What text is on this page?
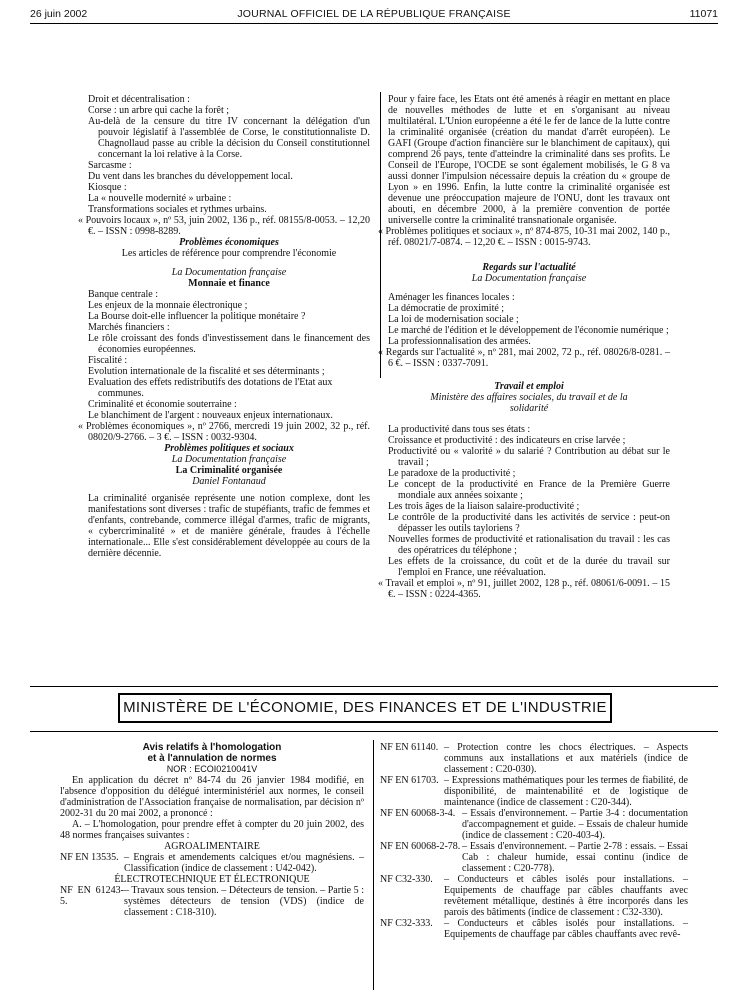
26 juin 2002	JOURNAL OFFICIEL DE LA RÉPUBLIQUE FRANÇAISE	11071

Droit et décentralisation :

Corse : un arbre qui cache la forêt ;

Au-delà de la censure du titre IV concernant la délégation d'un pouvoir législatif à l'assemblée de Corse, le constitutionnaliste D. Chagnollaud passe au crible la décision du Conseil constitutionnel concernant la loi relative à la Corse.

Sarcasme :

Du vent dans les branches du développement local.

Kiosque :

La « nouvelle modernité » urbaine :

Transformations sociales et rythmes urbains.

« Pouvoirs locaux », nº 53, juin 2002, 136 p., réf. 08155/8-0053. – 12,20 €. – ISSN : 0998-8289.

Problèmes économiques

Les articles de référence pour comprendre l'économie

La Documentation française

Monnaie et finance

Banque centrale :

Les enjeux de la monnaie électronique ;

La Bourse doit-elle influencer la politique monétaire ?

Marchés financiers :

Le rôle croissant des fonds d'investissement dans le financement des économies européennes.

Fiscalité :

Evolution internationale de la fiscalité et ses déterminants ;

Evaluation des effets redistributifs des dotations de l'Etat aux communes.

Criminalité et économie souterraine :

Le blanchiment de l'argent : nouveaux enjeux internationaux.

« Problèmes économiques », nº 2766, mercredi 19 juin 2002, 32 p., réf. 08020/9-2766. – 3 €. – ISSN : 0032-9304.

Problèmes politiques et sociaux

La Documentation française

La Criminalité organisée

Daniel Fontanaud

La criminalité organisée représente une notion complexe, dont les manifestations sont diverses : trafic de stupéfiants, trafic de femmes et d'enfants, contrebande, commerce illégal d'armes, trafic de migrants, « cybercriminalité » et de manière générale, fraudes à l'échelle internationale... Elle s'est considérablement développée au cours de la dernière décennie.

Pour y faire face, les Etats ont été amenés à réagir en mettant en place de nouvelles méthodes de lutte et en s'organisant au niveau multilatéral. L'Union européenne a été le fer de lance de la lutte contre la criminalité organisée (création du mandat d'arrêt européen). Le GAFI (Groupe d'action financière sur le blanchiment de capitaux), qui comprend 26 pays, tente d'atteindre la criminalité dans ses profits. Le Conseil de l'Europe, l'OCDE se sont également mobilisés, le G 8 va aussi donner l'impulsion nécessaire depuis la création du « groupe de Lyon » en 1996. Enfin, la lutte contre la criminalité organisée est devenue une préoccupation majeure de l'ONU, dont les travaux ont abouti, en décembre 2000, à la première convention de portée universelle contre la criminalité transnationale organisée.

« Problèmes politiques et sociaux », nº 874-875, 10-31 mai 2002, 140 p., réf. 08021/7-0874. – 12,20 €. – ISSN : 0015-9743.

Regards sur l'actualité

La Documentation française

Aménager les finances locales :

La démocratie de proximité ;

La loi de modernisation sociale ;

Le marché de l'édition et le développement de l'économie numérique ;

La professionnalisation des armées.

« Regards sur l'actualité », nº 281, mai 2002, 72 p., réf. 08026/8-0281. – 6 €. – ISSN : 0337-7091.

Travail et emploi

Ministère des affaires sociales, du travail et de la solidarité

La productivité dans tous ses états :

Croissance et productivité : des indicateurs en crise larvée ;

Productivité ou « valorité » du salarié ? Contribution au débat sur le travail ;

Le paradoxe de la productivité ;

Le concept de la productivité en France de la Première Guerre mondiale aux années soixante ;

Les trois âges de la liaison salaire-productivité ;

Le contrôle de la productivité dans les activités de service : peut-on dépasser les outils tayloriens ?

Nouvelles formes de productivité et rationalisation du travail : les cas des opératrices du téléphone ;

Les effets de la croissance, du coût et de la durée du travail sur l'emploi en France, une réévaluation.

« Travail et emploi », nº 91, juillet 2002, 128 p., réf. 08061/6-0091. – 15 €. – ISSN : 0224-4365.

MINISTÈRE DE L'ÉCONOMIE, DES FINANCES ET DE L'INDUSTRIE

Avis relatifs à l'homologation

et à l'annulation de normes

NOR : ECOI0210041V

En application du décret nº 84-74 du 26 janvier 1984 modifié, en l'absence d'opposition du délégué interministériel aux normes, le conseil d'administration de l'Association française de normalisation, par décision nº 2002-31 du 20 mai 2002, a prononcé :

A. – L'homologation, pour prendre effet à compter du 20 juin 2002, des 48 normes françaises suivantes :

AGROALIMENTAIRE

NF EN 13535. – Engrais et amendements calciques et/ou magnésiens. – Classification (indice de classement : U42-042).

ÉLECTROTECHNIQUE ET ÉLECTRONIQUE

NF EN 61243-5.
– Travaux sous tension. – Détecteurs de tension. – Partie 5 : systèmes détecteurs de tension (VDS) (indice de classement : C18-310).

NF EN 61140. – Protection contre les chocs électriques. – Aspects communs aux installations et aux matériels (indice de classement : C20-030).

NF EN 61703. – Expressions mathématiques pour les termes de fiabilité, de disponibilité, de maintenabilité et de logistique de maintenance (indice de classement : C20-344).

NF EN 60068-3-4. – Essais d'environnement. – Partie 3-4 : documentation d'accompagnement et guide. – Essais de chaleur humide (indice de classement : C20-403-4).

NF EN 60068-2-78. – Essais d'environnement. – Partie 2-78 : essais. – Essai Cab : chaleur humide, essai continu (indice de classement : C20-778).

NF C32-330.	– Conducteurs et câbles isolés pour installations. – Equipements de chauffage par câbles chauffants avec revêtement métallique, destinés à être incorporés dans les parois des bâtiments (indice de classement : C32-330).

NF C32-333.	– Conducteurs et câbles isolés pour installations. – Equipements de chauffage par câbles chauffants avec revê-
